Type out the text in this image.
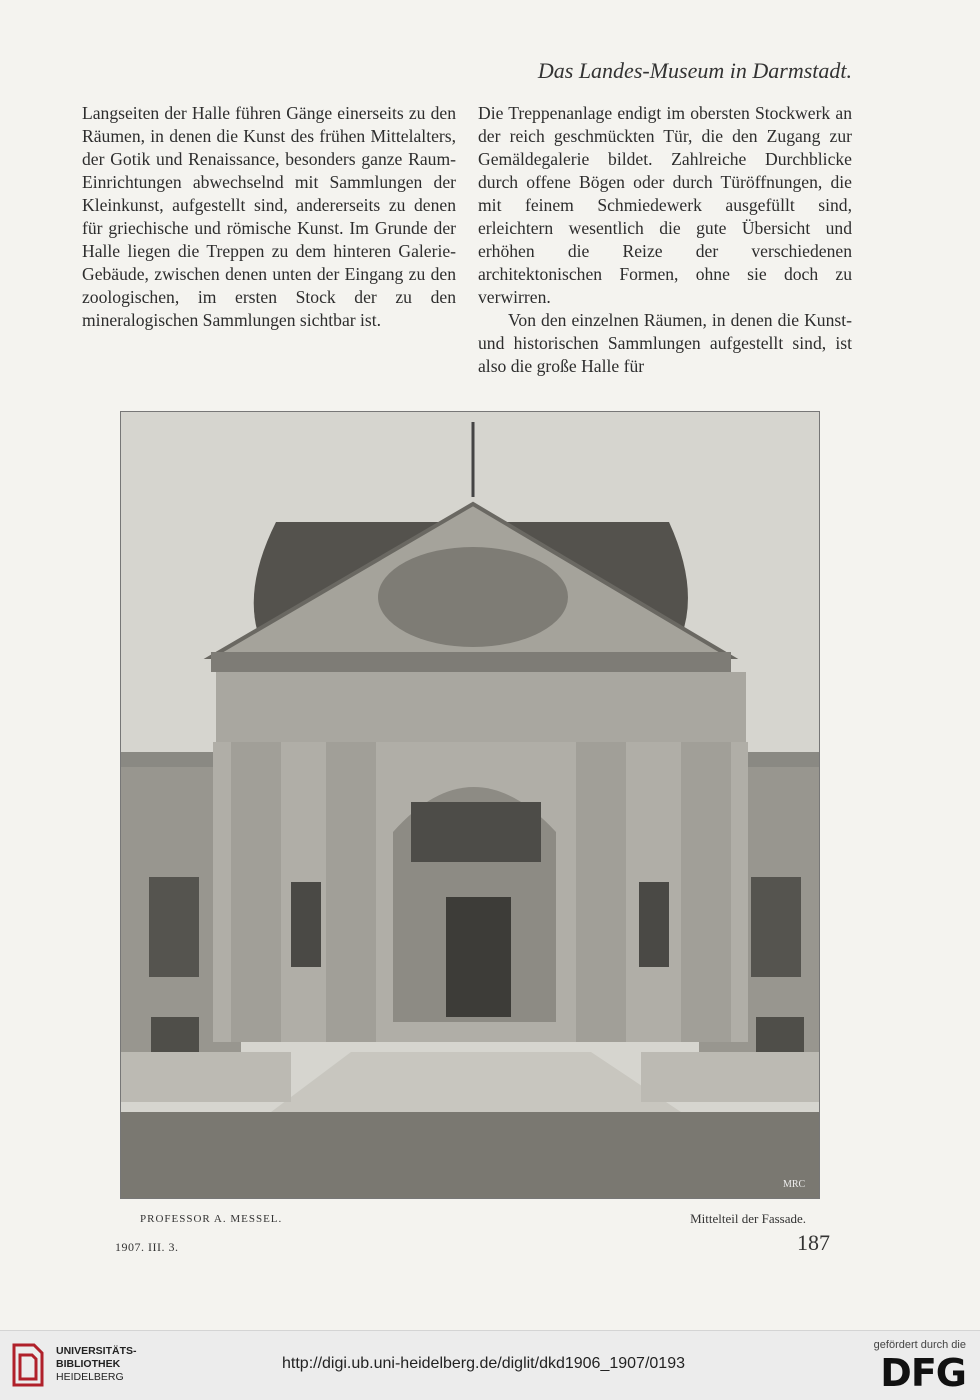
Das Landes-Museum in Darmstadt.

Langseiten der Halle führen Gänge einerseits zu den Räumen, in denen die Kunst des frühen Mittelalters, der Gotik und Renaissance, besonders ganze Raum-Einrichtungen abwechselnd mit Sammlungen der Kleinkunst, aufgestellt sind, andererseits zu denen für griechische und römische Kunst. Im Grunde der Halle liegen die Treppen zu dem hinteren Galerie-Gebäude, zwischen denen unten der Eingang zu den zoologischen, im ersten Stock der zu den mineralogischen Sammlungen sichtbar ist.

Die Treppenanlage endigt im obersten Stockwerk an der reich geschmückten Tür, die den Zugang zur Gemäldegalerie bildet. Zahlreiche Durchblicke durch offene Bögen oder durch Türöffnungen, die mit feinem Schmiedewerk ausgefüllt sind, erleichtern wesentlich die gute Übersicht und erhöhen die Reize der verschiedenen architektonischen Formen, ohne sie doch zu verwirren.

Von den einzelnen Räumen, in denen die Kunst- und historischen Sammlungen aufgestellt sind, ist also die große Halle für

MRC
PROFESSOR A. MESSEL.	Mittelteil der Fassade.
1907. III. 3.	187
UNIVERSITÄTS-
BIBLIOTHEK
HEIDELBERG
http://digi.ub.uni-heidelberg.de/diglit/dkd1906_1907/0193
gefördert durch die
DFG
